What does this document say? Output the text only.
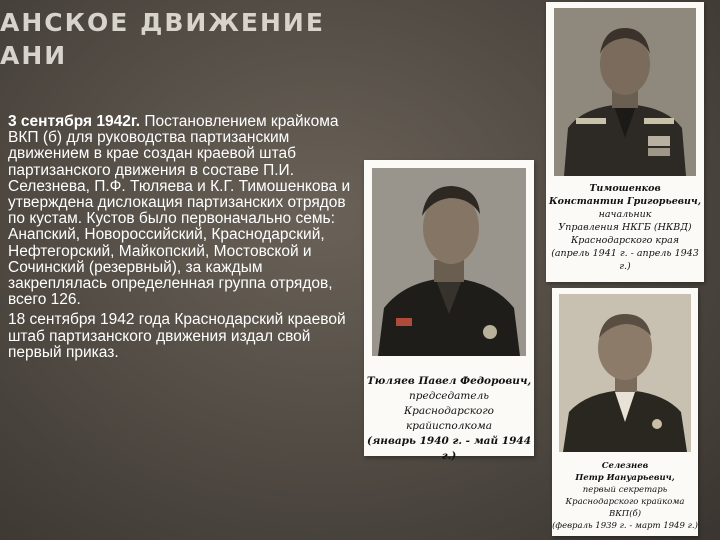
АНСКОЕ ДВИЖЕНИЕ
АНИ

3 сентября 1942г. Постановлением крайкома ВКП (б) для руководства партизанским движением в крае создан краевой штаб партизанского движения в составе П.И. Селезнева, П.Ф. Тюляева и К.Г. Тимошенкова и утверждена дислокация партизанских отрядов по кустам. Кустов было первоначально семь: Анапский, Новороссийский, Краснодарский, Нефтегорский, Майкопский, Мостовской и Сочинский (резервный), за каждым закреплялась определенная группа отрядов, всего 126.

18 сентября 1942 года Краснодарский краевой штаб партизанского движения издал свой первый приказ.

Тимошенков
Константин Григорьевич,
начальник
Управления НКГБ (НКВД)
Краснодарского края
(апрель 1941 г. - апрель 1943 г.)
Тюляев Павел Федорович,
председатель
Краснодарского крайисполкома
(январь 1940 г. - май 1944 г.)
Селезнев
Петр Иануарьевич,
первый секретарь
Краснодарского крайкома ВКП(б)
(февраль 1939 г. - март 1949 г.)
